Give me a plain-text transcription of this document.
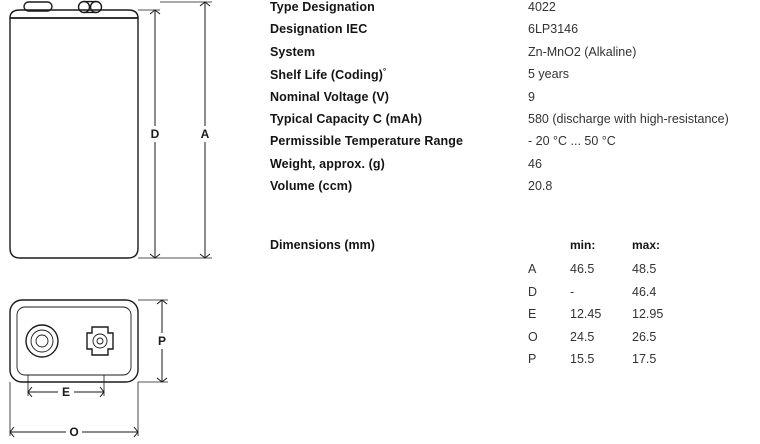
D	A
P
E
O
Type Designation	4022
Designation IEC	6LP3146
System	Zn-MnO2 (Alkaline)
Shelf Life (Coding)°	5 years
Nominal Voltage (V)	9
Typical Capacity C (mAh)	580 (discharge with high-resistance)
Permissible Temperature Range	- 20 °C ... 50 °C
Weight, approx. (g)	46
Volume (ccm)	20.8
Dimensions (mm)
		min:	max:
A	46.5	48.5
D	-	46.4
E	12.45	12.95
O	24.5	26.5
P	15.5	17.5
